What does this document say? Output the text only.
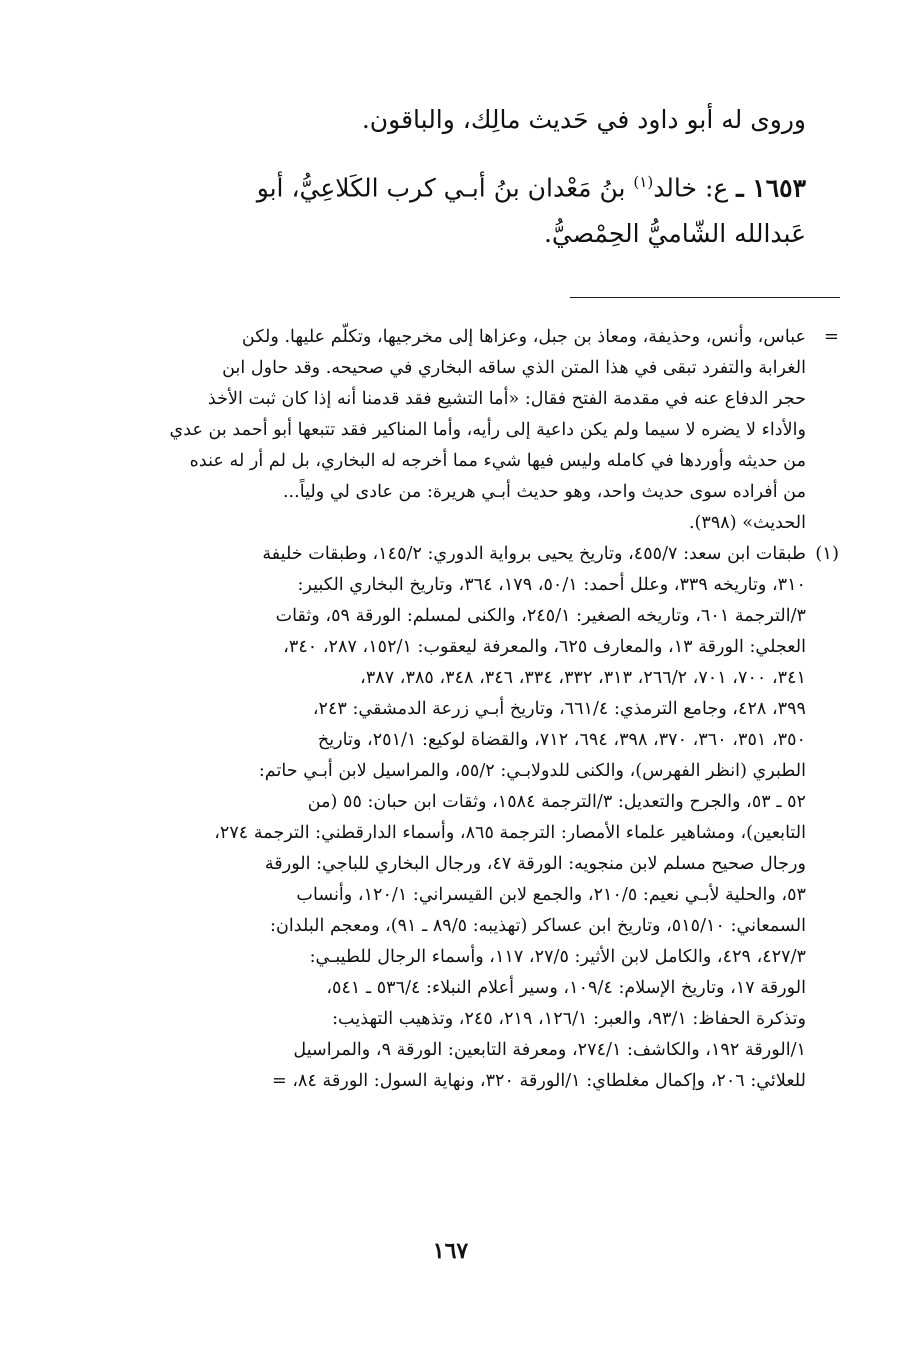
وروى له أبو داود في حَديث مالِك، والباقون.
١٦٥٣ ـ ع: خالد$^{(١)}$ بنُ مَعْدان بنُ أبـي كرب الكَلاعِيُّ، أبو
عَبدالله الشّاميُّ الحِمْصيُّ.
=
عباس، وأنس، وحذيفة، ومعاذ بن جبل، وعزاها إلى مخرجيها، وتكلّم عليها. ولكن
الغرابة والتفرد تبقى في هذا المتن الذي ساقه البخاري في صحيحه. وقد حاول ابن
حجر الدفاع عنه في مقدمة الفتح فقال: «أما التشيع فقد قدمنا أنه إذا كان ثبت الأخذ
والأداء لا يضره لا سيما ولم يكن داعية إلى رأيه، وأما المناكير فقد تتبعها أبو أحمد بن عدي
من حديثه وأوردها في كامله وليس فيها شيء مما أخرجه له البخاري، بل لم أر له عنده
من أفراده سوى حديث واحد، وهو حديث أبـي هريرة: من عادى لي ولياً...
الحديث» (٣٩٨).
(١)
طبقات ابن سعد: ٤٥٥/٧، وتاريخ يحيى برواية الدوري: ١٤٥/٢، وطبقات خليفة
٣١٠، وتاريخه ٣٣٩، وعلل أحمد: ٥٠/١، ١٧٩، ٣٦٤، وتاريخ البخاري الكبير:
٣/الترجمة ٦٠١، وتاريخه الصغير: ٢٤٥/١، والكنى لمسلم: الورقة ٥٩، وثقات
العجلي: الورقة ١٣، والمعارف ٦٢٥، والمعرفة ليعقوب: ١٥٢/١، ٢٨٧، ٣٤٠،
٣٤١، ٧٠٠، ٧٠١، ٢٦٦/٢، ٣١٣، ٣٣٢، ٣٣٤، ٣٤٦، ٣٤٨، ٣٨٥، ٣٨٧،
٣٩٩، ٤٢٨، وجامع الترمذي: ٦٦١/٤، وتاريخ أبـي زرعة الدمشقي: ٢٤٣،
٣٥٠، ٣٥١، ٣٦٠، ٣٧٠، ٣٩٨، ٦٩٤، ٧١٢، والقضاة لوكيع: ٢٥١/١، وتاريخ
الطبري (انظر الفهرس)، والكنى للدولابـي: ٥٥/٢، والمراسيل لابن أبـي حاتم:
٥٢ ـ ٥٣، والجرح والتعديل: ٣/الترجمة ١٥٨٤، وثقات ابن حبان: ٥٥ (من
التابعين)، ومشاهير علماء الأمصار: الترجمة ٨٦٥، وأسماء الدارقطني: الترجمة ٢٧٤،
ورجال صحيح مسلم لابن منجويه: الورقة ٤٧، ورجال البخاري للباجي: الورقة
٥٣، والحلية لأبـي نعيم: ٢١٠/٥، والجمع لابن القيسراني: ١٢٠/١، وأنساب
السمعاني: ٥١٥/١٠، وتاريخ ابن عساكر (تهذيبه: ٨٩/٥ ـ ٩١)، ومعجم البلدان:
٤٢٧/٣، ٤٢٩، والكامل لابن الأثير: ٢٧/٥، ١١٧، وأسماء الرجال للطيبـي:
الورقة ١٧، وتاريخ الإسلام: ١٠٩/٤، وسير أعلام النبلاء: ٥٣٦/٤ ـ ٥٤١،
وتذكرة الحفاظ: ٩٣/١، والعبر: ١٢٦/١، ٢١٩، ٢٤٥، وتذهيب التهذيب:
١/الورقة ١٩٢، والكاشف: ٢٧٤/١، ومعرفة التابعين: الورقة ٩، والمراسيل
للعلائي: ٢٠٦، وإكمال مغلطاي: ١/الورقة ٣٢٠، ونهاية السول: الورقة ٨٤، =
١٦٧
